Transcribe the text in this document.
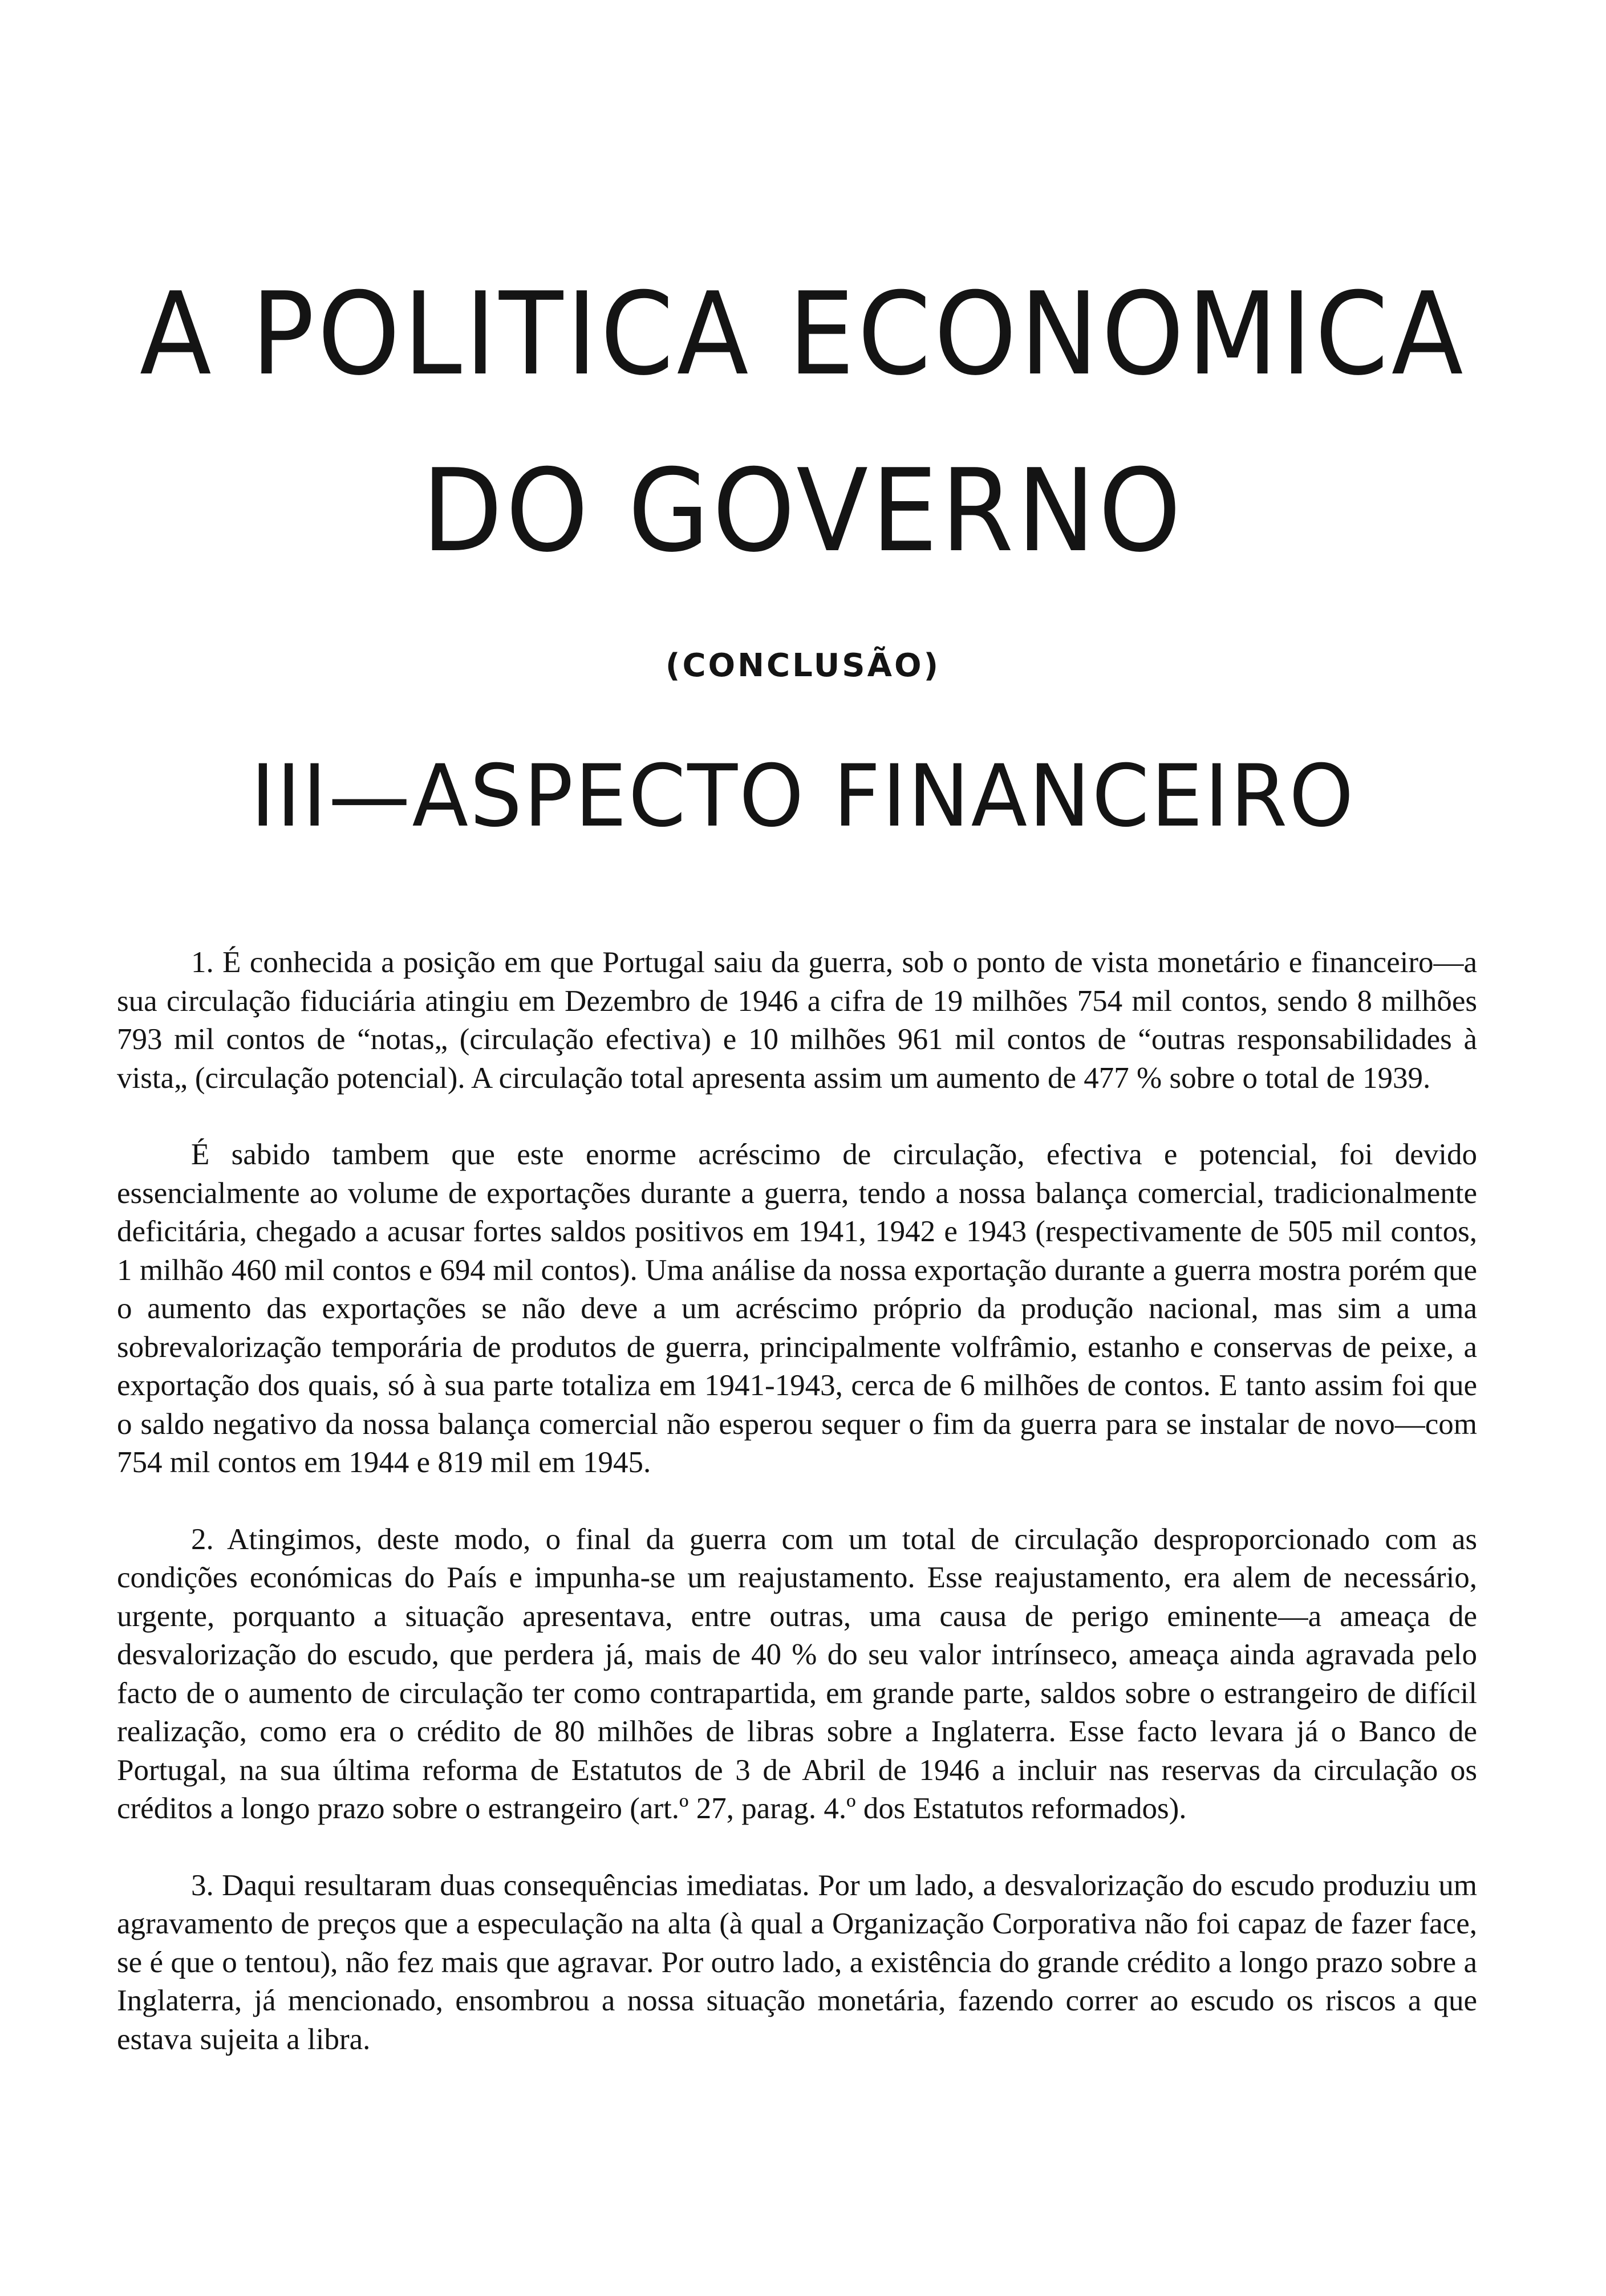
A POLITICA ECONOMICA
DO GOVERNO
(CONCLUSÃO)
III—ASPECTO FINANCEIRO

1. É conhecida a posição em que Portugal saiu da guerra, sob o ponto de vista monetário e financeiro—a sua circulação fiduciária atingiu em Dezembro de 1946 a cifra de 19 milhões 754 mil contos, sendo 8 milhões 793 mil contos de “notas„ (circulação efectiva) e 10 milhões 961 mil contos de “outras responsabilidades à vista„ (circulação potencial). A circulação total apresenta assim um aumento de 477 % sobre o total de 1939.

É sabido tambem que este enorme acréscimo de circulação, efectiva e potencial, foi devido essencialmente ao volume de exportações durante a guerra, tendo a nossa balança comercial, tradicionalmente deficitária, chegado a acusar fortes saldos positivos em 1941, 1942 e 1943 (respectivamente de 505 mil contos, 1 milhão 460 mil contos e 694 mil contos). Uma análise da nossa exportação durante a guerra mostra porém que o aumento das exportações se não deve a um acréscimo próprio da produção nacional, mas sim a uma sobrevalorização temporária de produtos de guerra, principalmente volfrâmio, estanho e conservas de peixe, a exportação dos quais, só à sua parte totaliza em 1941-1943, cerca de 6 milhões de contos. E tanto assim foi que o saldo negativo da nossa balança comercial não esperou sequer o fim da guerra para se instalar de novo—com 754 mil contos em 1944 e 819 mil em 1945.

2. Atingimos, deste modo, o final da guerra com um total de circulação desproporcionado com as condições económicas do País e impunha-se um reajustamento. Esse reajustamento, era alem de necessário, urgente, porquanto a situação apresentava, entre outras, uma causa de perigo eminente—a ameaça de desvalorização do escudo, que perdera já, mais de 40 % do seu valor intrínseco, ameaça ainda agravada pelo facto de o aumento de circulação ter como contrapartida, em grande parte, saldos sobre o estrangeiro de difícil realização, como era o crédito de 80 milhões de libras sobre a Inglaterra. Esse facto levara já o Banco de Portugal, na sua última reforma de Estatutos de 3 de Abril de 1946 a incluir nas reservas da circulação os créditos a longo prazo sobre o estrangeiro (art.º 27, parag. 4.º dos Estatutos reformados).

3. Daqui resultaram duas consequências imediatas. Por um lado, a desvalorização do escudo produziu um agravamento de preços que a especulação na alta (à qual a Organização Corporativa não foi capaz de fazer face, se é que o tentou), não fez mais que agravar. Por outro lado, a existência do grande crédito a longo prazo sobre a Inglaterra, já mencionado, ensombrou a nossa situação monetária, fazendo correr ao escudo os riscos a que estava sujeita a libra.
